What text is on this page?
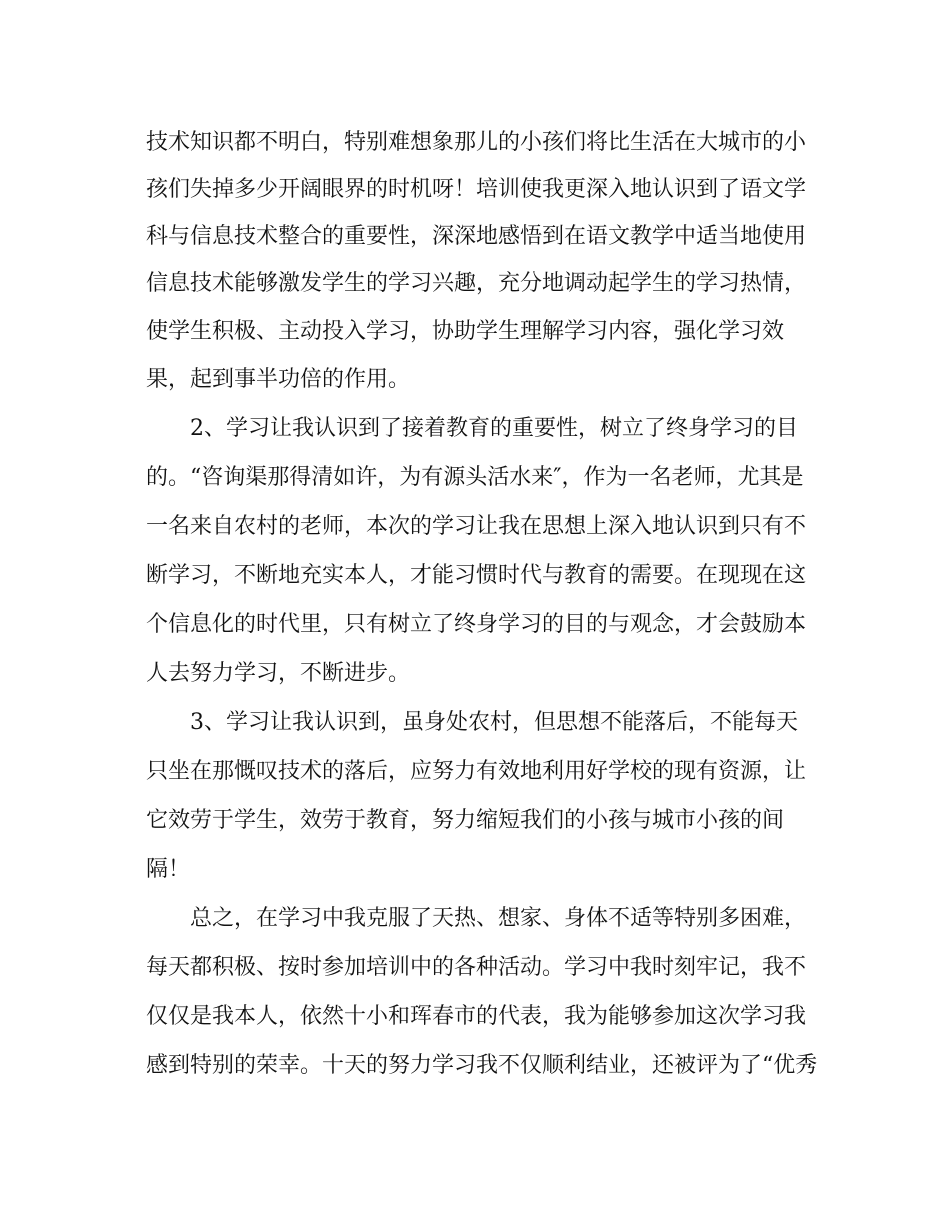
技术知识都不明白，特别难想象那儿的小孩们将比生活在大城市的小
孩们失掉多少开阔眼界的时机呀！培训使我更深入地认识到了语文学
科与信息技术整合的重要性，深深地感悟到在语文教学中适当地使用
信息技术能够激发学生的学习兴趣，充分地调动起学生的学习热情，
使学生积极、主动投入学习，协助学生理解学习内容，强化学习效
果，起到事半功倍的作用。
2、学习让我认识到了接着教育的重要性，树立了终身学习的目
的。“咨询渠那得清如许，为有源头活水来″，作为一名老师，尤其是
一名来自农村的老师，本次的学习让我在思想上深入地认识到只有不
断学习，不断地充实本人，才能习惯时代与教育的需要。在现现在这
个信息化的时代里，只有树立了终身学习的目的与观念，才会鼓励本
人去努力学习，不断进步。
3、学习让我认识到，虽身处农村，但思想不能落后，不能每天
只坐在那慨叹技术的落后，应努力有效地利用好学校的现有资源，让
它效劳于学生，效劳于教育，努力缩短我们的小孩与城市小孩的间
隔！
总之，在学习中我克服了天热、想家、身体不适等特别多困难，
每天都积极、按时参加培训中的各种活动。学习中我时刻牢记，我不
仅仅是我本人，依然十小和珲春市的代表，我为能够参加这次学习我
感到特别的荣幸。十天的努力学习我不仅顺利结业，还被评为了“优秀
